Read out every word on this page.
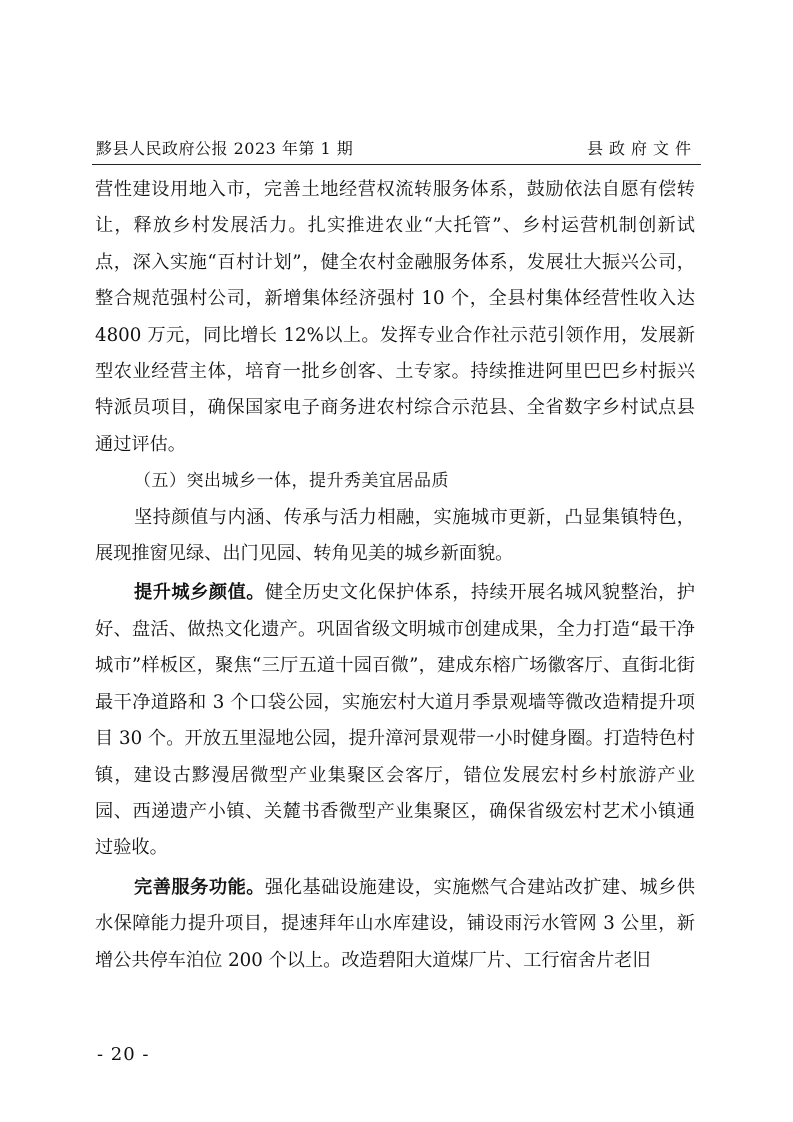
黟县人民政府公报 2023 年第 1 期	县政府文件

营性建设用地入市，完善土地经营权流转服务体系，鼓励依法自愿有偿转让，释放乡村发展活力。扎实推进农业“大托管”、乡村运营机制创新试点，深入实施“百村计划”，健全农村金融服务体系，发展壮大振兴公司，整合规范强村公司，新增集体经济强村 10 个，全县村集体经营性收入达 4800 万元，同比增长 12%以上。发挥专业合作社示范引领作用，发展新型农业经营主体，培育一批乡创客、土专家。持续推进阿里巴巴乡村振兴特派员项目，确保国家电子商务进农村综合示范县、全省数字乡村试点县通过评估。

（五）突出城乡一体，提升秀美宜居品质

坚持颜值与内涵、传承与活力相融，实施城市更新，凸显集镇特色，展现推窗见绿、出门见园、转角见美的城乡新面貌。

提升城乡颜值。健全历史文化保护体系，持续开展名城风貌整治，护好、盘活、做热文化遗产。巩固省级文明城市创建成果，全力打造“最干净城市”样板区，聚焦“三厅五道十园百微”，建成东榕广场徽客厅、直街北街最干净道路和 3 个口袋公园，实施宏村大道月季景观墙等微改造精提升项目 30 个。开放五里湿地公园，提升漳河景观带一小时健身圈。打造特色村镇，建设古黟漫居微型产业集聚区会客厅，错位发展宏村乡村旅游产业园、西递遗产小镇、关麓书香微型产业集聚区，确保省级宏村艺术小镇通过验收。

完善服务功能。强化基础设施建设，实施燃气合建站改扩建、城乡供水保障能力提升项目，提速拜年山水库建设，铺设雨污水管网 3 公里，新增公共停车泊位 200 个以上。改造碧阳大道煤厂片、工行宿舍片老旧

- 20 -
